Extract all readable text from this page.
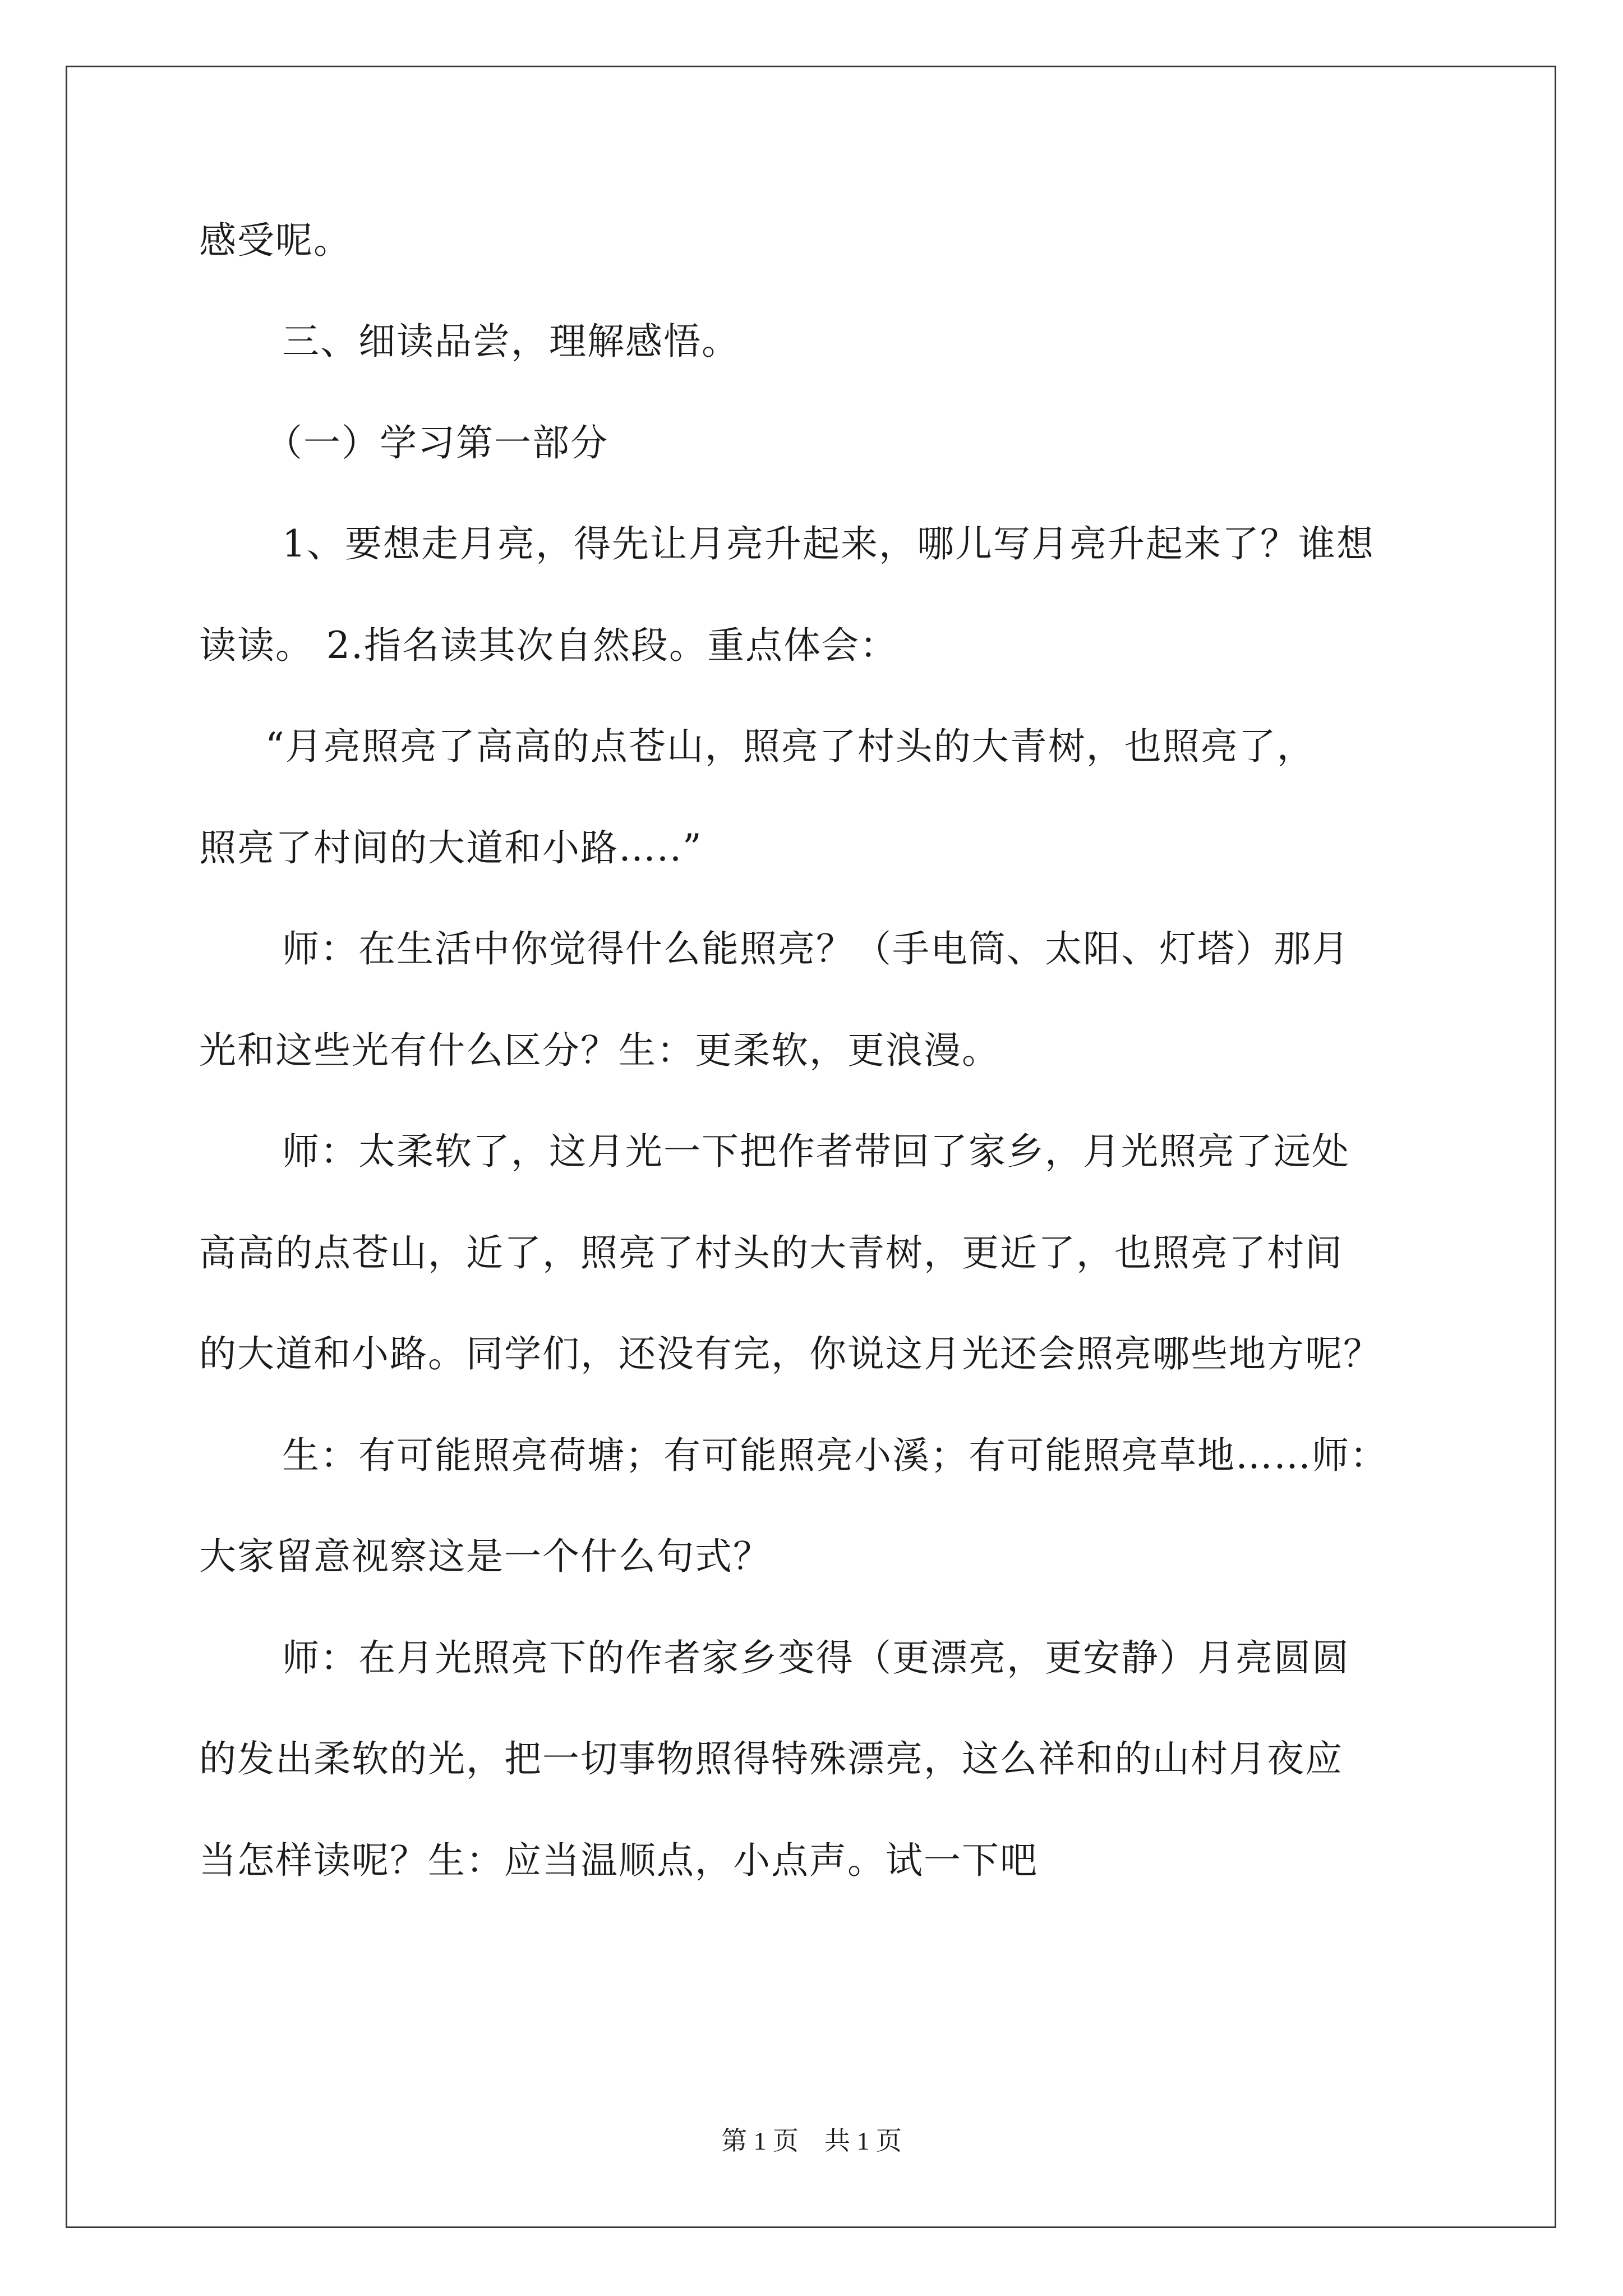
感受呢。
三、细读品尝，理解感悟。
（一）学习第一部分
1、要想走月亮，得先让月亮升起来，哪儿写月亮升起来了？谁想
读读。 2.指名读其次自然段。重点体会：
“月亮照亮了高高的点苍山，照亮了村头的大青树，也照亮了，
照亮了村间的大道和小路…..”
师：在生活中你觉得什么能照亮？（手电筒、太阳、灯塔）那月
光和这些光有什么区分？生：更柔软，更浪漫。
师：太柔软了，这月光一下把作者带回了家乡，月光照亮了远处
高高的点苍山，近了，照亮了村头的大青树，更近了，也照亮了村间
的大道和小路。同学们，还没有完，你说这月光还会照亮哪些地方呢？
生：有可能照亮荷塘；有可能照亮小溪；有可能照亮草地……师：
大家留意视察这是一个什么句式？
师：在月光照亮下的作者家乡变得（更漂亮，更安静）月亮圆圆
的发出柔软的光，把一切事物照得特殊漂亮，这么祥和的山村月夜应
当怎样读呢？生：应当温顺点，小点声。试一下吧
第 1 页　共 1 页
